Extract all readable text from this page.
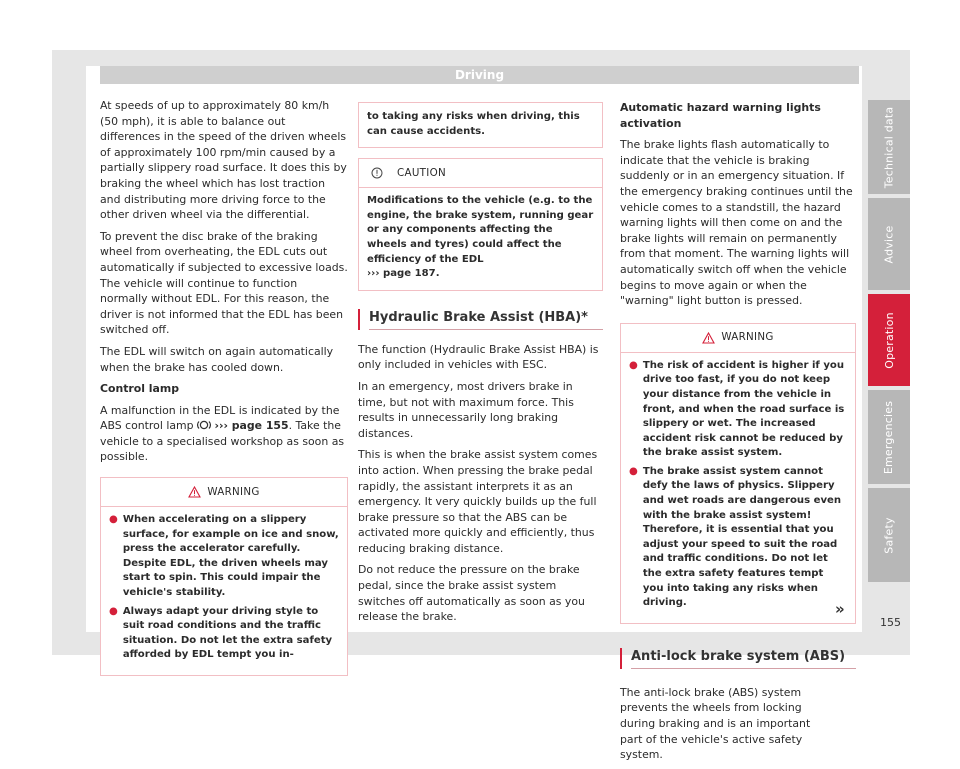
Driving

At speeds of up to approximately 80 km/h (50 mph), it is able to balance out differences in the speed of the driven wheels of approximately 100 rpm/min caused by a partially slippery road surface. It does this by braking the wheel which has lost traction and distributing more driving force to the other driven wheel via the differential.

To prevent the disc brake of the braking wheel from overheating, the EDL cuts out automatically if subjected to excessive loads. The vehicle will continue to function normally without EDL. For this reason, the driver is not informed that the EDL has been switched off.

The EDL will switch on again automatically when the brake has cooled down.

Control lamp

A malfunction in the EDL is indicated by the ABS control lamp ››› page 155. Take the vehicle to a specialised workshop as soon as possible.

WARNING
● When accelerating on a slippery surface, for example on ice and snow, press the accelerator carefully. Despite EDL, the driven wheels may start to spin. This could impair the vehicle's stability.
● Always adapt your driving style to suit road conditions and the traffic situation. Do not let the extra safety afforded by EDL tempt you in-
to taking any risks when driving, this can cause accidents.
CAUTION
Modifications to the vehicle (e.g. to the engine, the brake system, running gear or any components affecting the wheels and tyres) could affect the efficiency of the EDL
››› page 187.
Hydraulic Brake Assist (HBA)*

The function (Hydraulic Brake Assist HBA) is only included in vehicles with ESC.

In an emergency, most drivers brake in time, but not with maximum force. This results in unnecessarily long braking distances.

This is when the brake assist system comes into action. When pressing the brake pedal rapidly, the assistant interprets it as an emergency. It very quickly builds up the full brake pressure so that the ABS can be activated more quickly and efficiently, thus reducing braking distance.

Do not reduce the pressure on the brake pedal, since the brake assist system switches off automatically as soon as you release the brake.

Automatic hazard warning lights activation

The brake lights flash automatically to indicate that the vehicle is braking suddenly or in an emergency situation. If the emergency braking continues until the vehicle comes to a standstill, the hazard warning lights will then come on and the brake lights will remain on permanently from that moment. The warning lights will automatically switch off when the vehicle begins to move again or when the "warning" light button is pressed.

WARNING
● The risk of accident is higher if you drive too fast, if you do not keep your distance from the vehicle in front, and when the road surface is slippery or wet. The increased accident risk cannot be reduced by the brake assist system.
● The brake assist system cannot defy the laws of physics. Slippery and wet roads are dangerous even with the brake assist system! Therefore, it is essential that you adjust your speed to suit the road and traffic conditions. Do not let the extra safety features tempt you into taking any risks when driving.
Anti-lock brake system (ABS)

The anti-lock brake (ABS) system prevents the wheels from locking during braking and is an important part of the vehicle's active safety system.

»
Technical data
Advice
Operation
Emergencies
Safety
155
